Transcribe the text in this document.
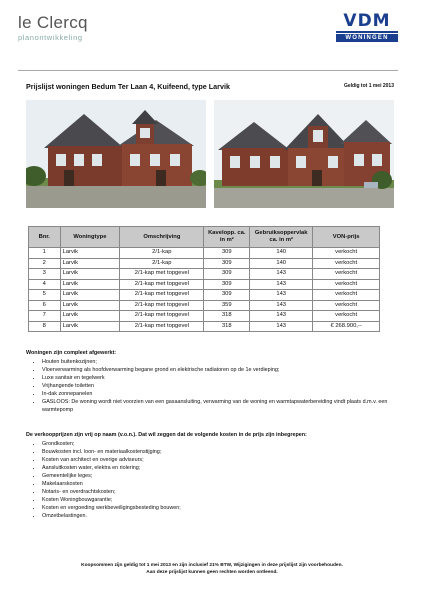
le Clercq
planontwikkeling
VDM
WONINGEN
Prijslijst woningen Bedum Ter Laan 4, Kuifeend, type Larvik	Geldig tot 1 mei 2013
Bnr.	Woningtype	Omschrijving	Kavelopp. ca. in m²	Gebruiksoppervlak ca. in m²	VON-prijs
1	Larvik	2/1-kap	309	140	verkocht
2	Larvik	2/1-kap	309	140	verkocht
3	Larvik	2/1-kap met topgevel	309	143	verkocht
4	Larvik	2/1-kap met topgevel	309	143	verkocht
5	Larvik	2/1-kap met topgevel	309	143	verkocht
6	Larvik	2/1-kap met topgevel	359	143	verkocht
7	Larvik	2/1-kap met topgevel	318	143	verkocht
8	Larvik	2/1-kap met topgevel	318	143	€ 268.900,--
Woningen zijn compleet afgewerkt:
• Houten buitenkozijnen;
• Vloerverwarming als hoofdverwarming begane grond en elektrische radiatoren op de 1e verdieping;
• Luxe sanitair en tegelwerk
• Vrijhangende toiletten
• In-dak zonnepanelen
• GASLOOS: De woning wordt niet voorzien van een gasaansluiting, verwarming van de woning en warmtapwaterbereiding vindt plaats d.m.v. een warmtepomp
De verkoopprijzen zijn vrij op naam (v.o.n.). Dat wil zeggen dat de volgende kosten in de prijs zijn inbegrepen:
• Grondkosten;
• Bouwkosten incl. loon- en materiaalkostenstijging;
• Kosten van architect en overige adviseurs;
• Aansluitkosten water, elektra en riolering;
• Gemeentelijke leges;
• Makelaarskosten
• Notaris- en overdrachtskosten;
• Kosten Woningbouwgarantie;
• Kosten en vergoeding werkbeveiligingsbesteding bouwen;
• Omzetbelastingen.
Koopsommen zijn geldig tot 1 mei 2013 en zijn inclusief 21% BTW, Wijzigingen in deze prijslijst zijn voorbehouden.
Aan deze prijslijst kunnen geen rechten worden ontleend.
